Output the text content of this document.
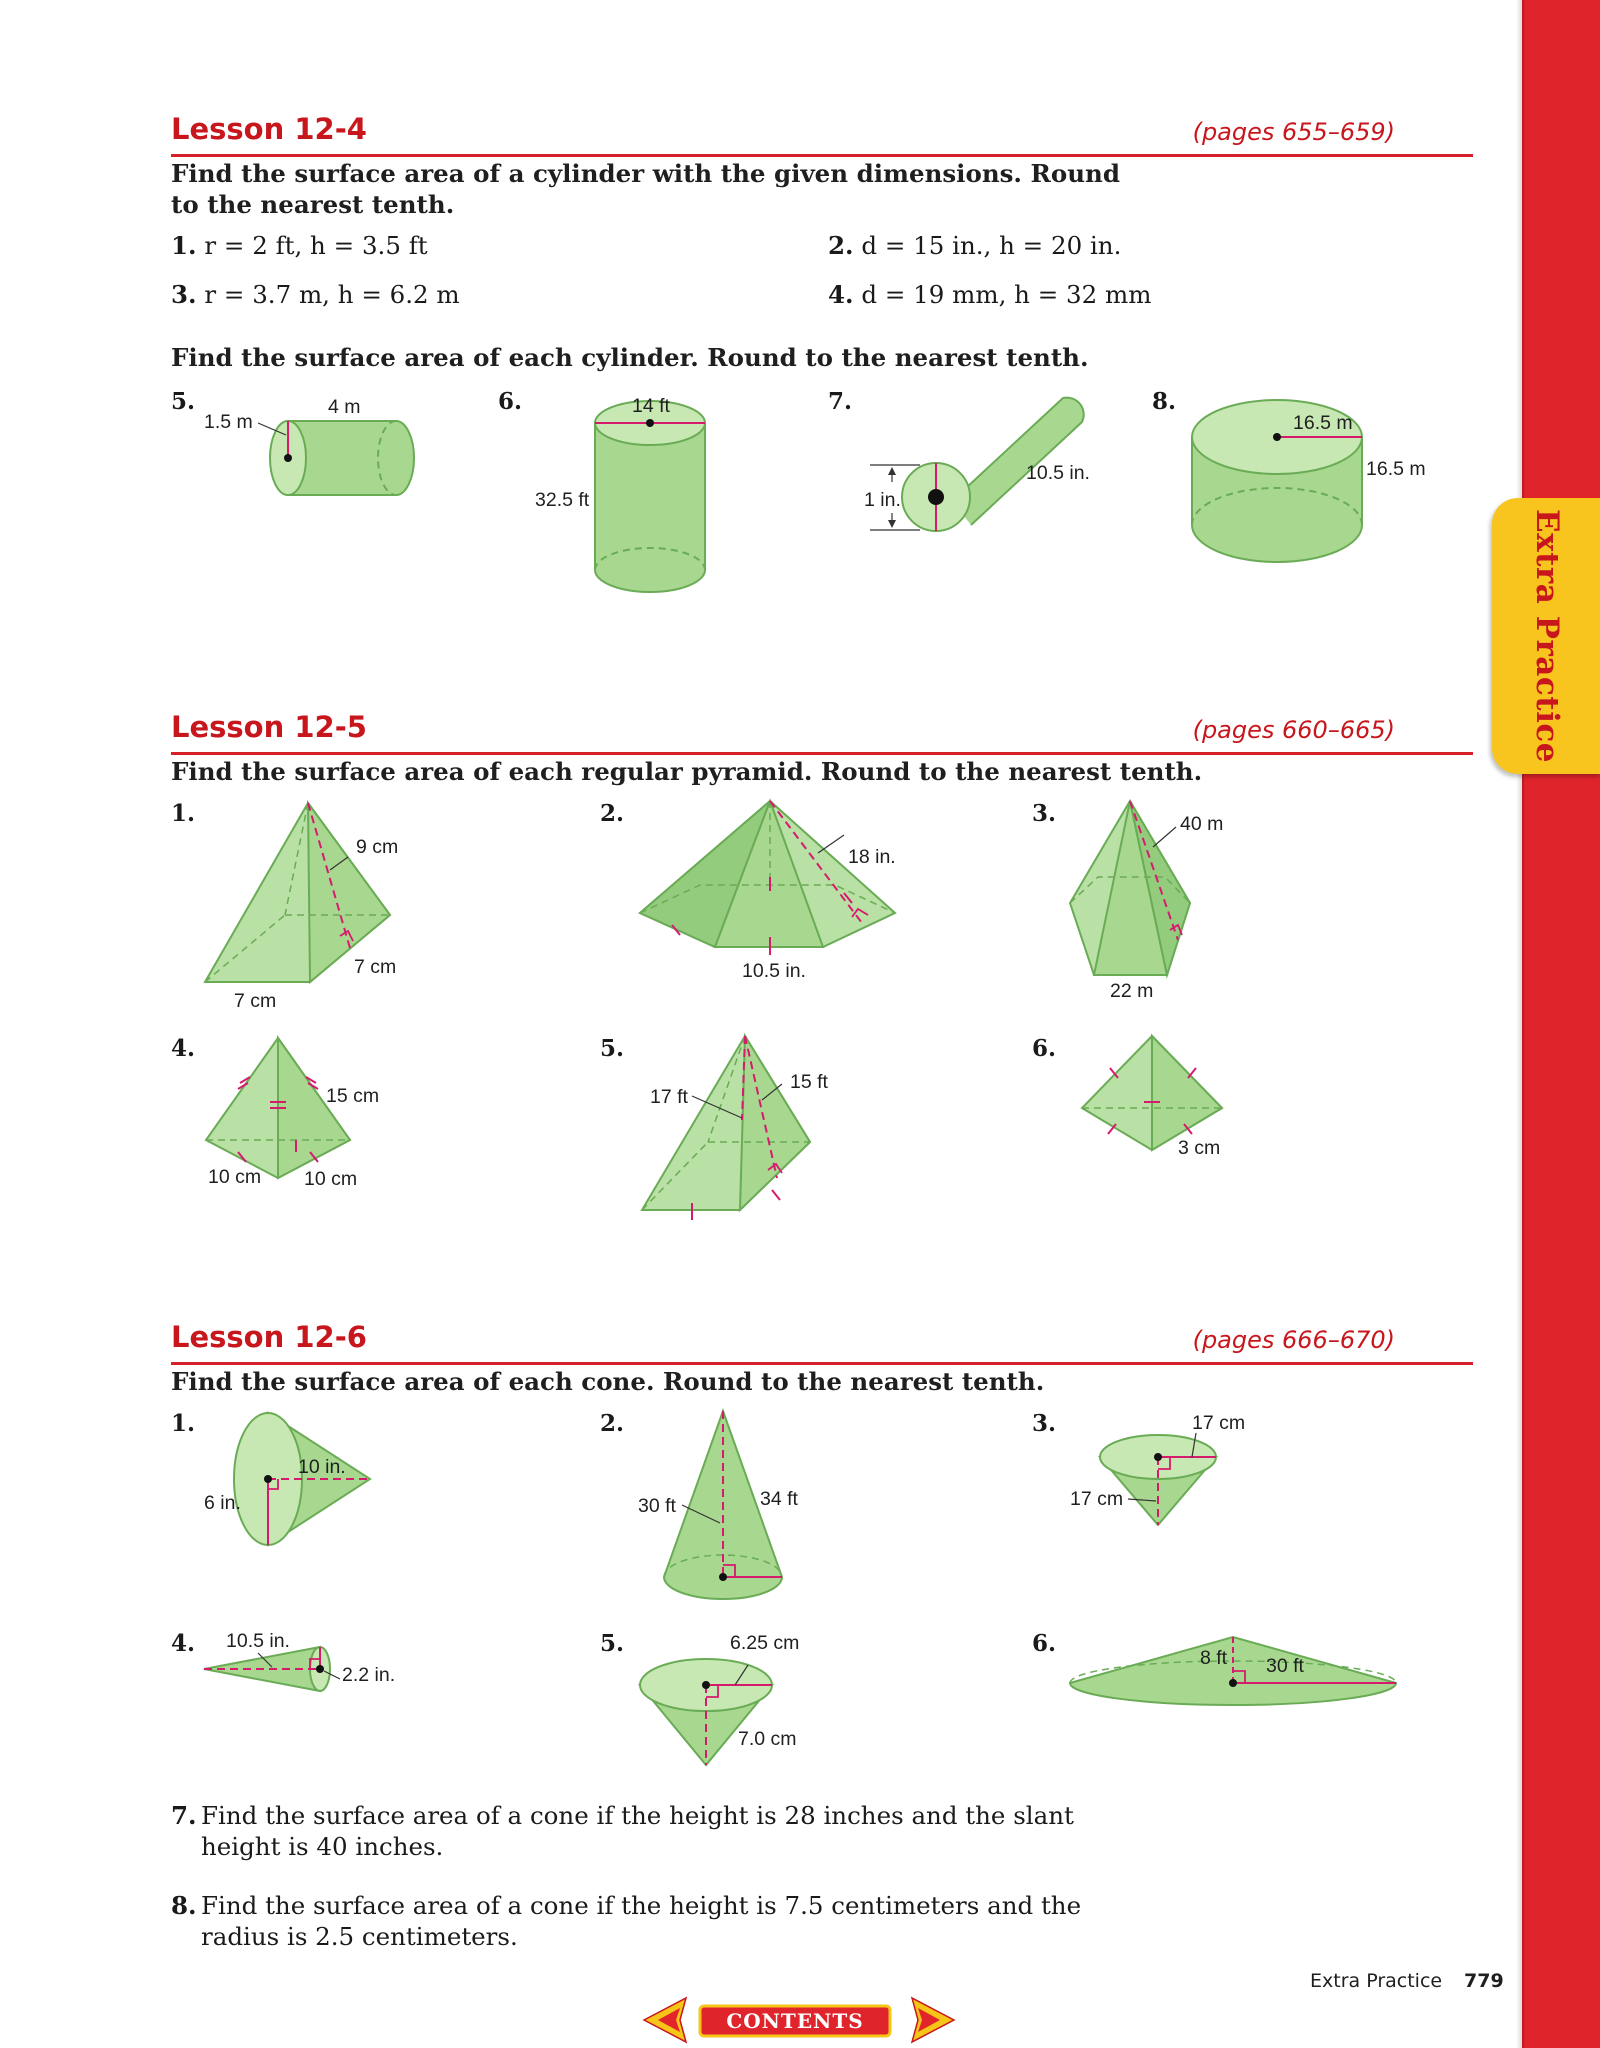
Extra Practice
Lesson 12-4	(pages 655–659)
Find the surface area of a cylinder with the given dimensions. Round to the nearest tenth.
1. r = 2 ft, h = 3.5 ft	2. d = 15 in., h = 20 in.
3. r = 3.7 m, h = 6.2 m	4. d = 19 mm, h = 32 mm
Find the surface area of each cylinder. Round to the nearest tenth.
5.	6.	7.	8.
4 m
1.5 m
14 ft
32.5 ft	1 in.
10.5 in.
16.5 m
16.5 m
Lesson 12-5	(pages 660–665)
Find the surface area of each regular pyramid. Round to the nearest tenth.
1.	2.	3.
4.	5.	6.
9 cm
7 cm
7 cm
18 in.
10.5 in.
40 m
22 m
15 cm
10 cm 10 cm
17 ft
15 ft
3 cm
Lesson 12-6	(pages 666–670)
Find the surface area of each cone. Round to the nearest tenth.
1.	2.	3.
4.	5.	6.
10 in.
6 in.	30 ft	34 ft
17 cm
17 cm
10.5 in.
2.2 in.
6.25 cm
7.0 cm
8 ft 30 ft
7. Find the surface area of a cone if the height is 28 inches and the slant height is 40 inches.
8. Find the surface area of a cone if the height is 7.5 centimeters and the radius is 2.5 centimeters.
Extra Practice 779
CONTENTS
